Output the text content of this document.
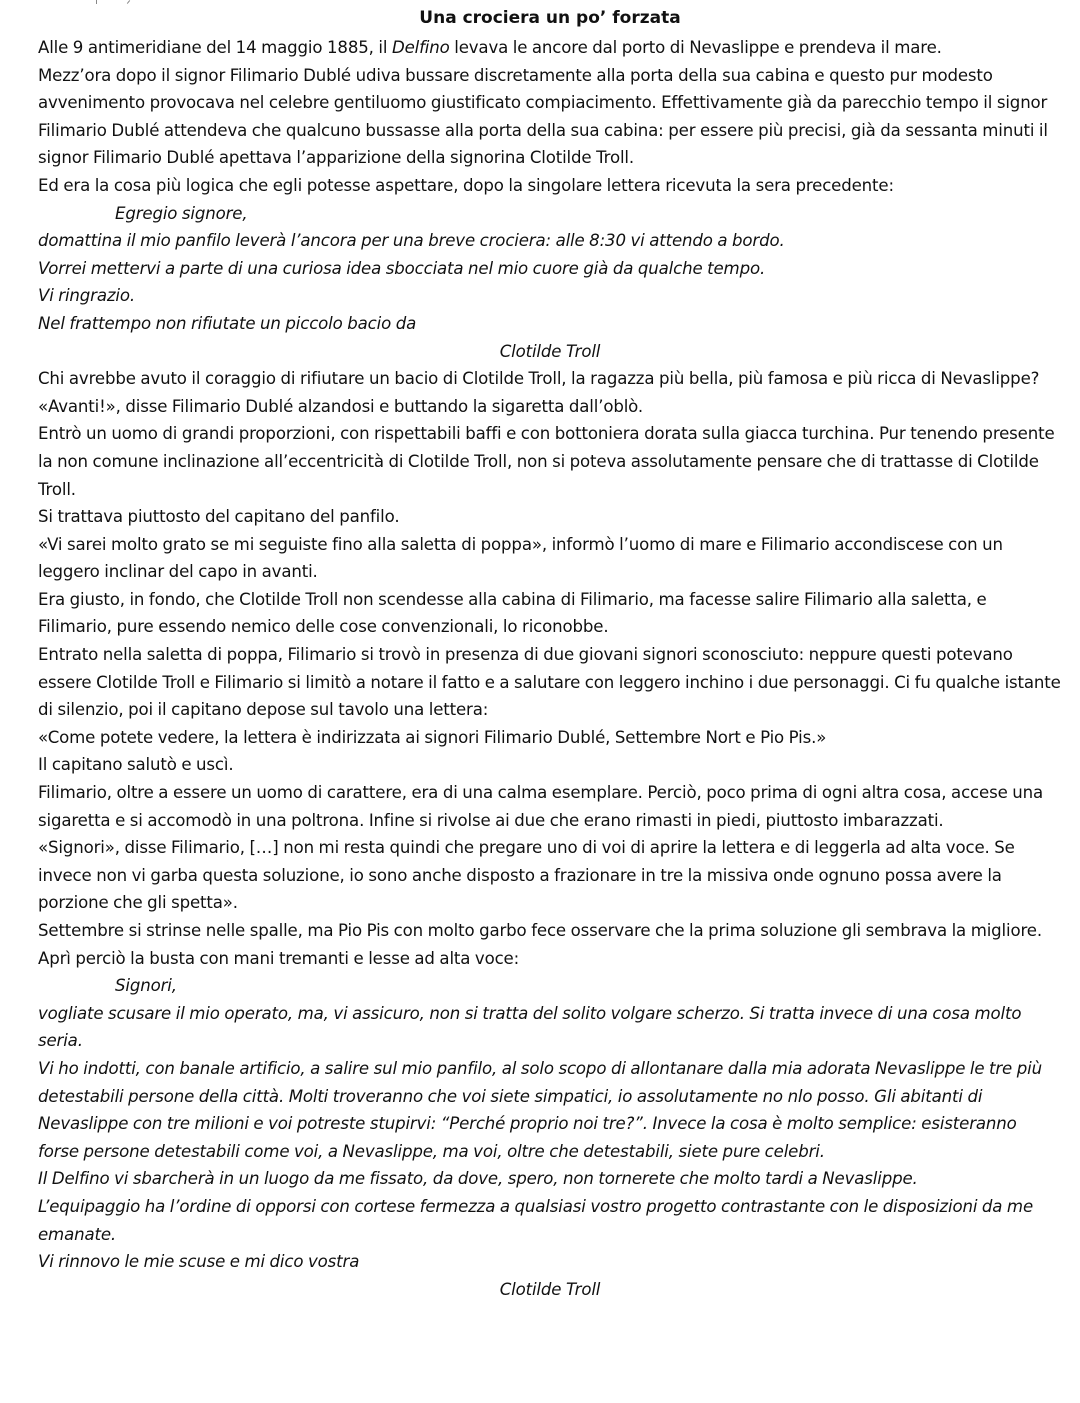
Una crociera un po’ forzata

Alle 9 antimeridiane del 14 maggio 1885, il Delfino levava le ancore dal porto di Nevaslippe e prendeva il mare.

Mezz’ora dopo il signor Filimario Dublé udiva bussare discretamente alla porta della sua cabina e questo pur modesto avvenimento provocava nel celebre gentiluomo giustificato compiacimento. Effettivamente già da parecchio tempo il signor Filimario Dublé attendeva che qualcuno bussasse alla porta della sua cabina: per essere più precisi, già da sessanta minuti il signor Filimario Dublé apettava l’apparizione della signorina Clotilde Troll.

Ed era la cosa più logica che egli potesse aspettare, dopo la singolare lettera ricevuta la sera precedente:

Egregio signore,

domattina il mio panfilo leverà l’ancora per una breve crociera: alle 8:30 vi attendo a bordo.

Vorrei mettervi a parte di una curiosa idea sbocciata nel mio cuore già da qualche tempo.

Vi ringrazio.

Nel frattempo non rifiutate un piccolo bacio da

Clotilde Troll

Chi avrebbe avuto il coraggio di rifiutare un bacio di Clotilde Troll, la ragazza più bella, più famosa e più ricca di Nevaslippe?

«Avanti!», disse Filimario Dublé alzandosi e buttando la sigaretta dall’oblò.

Entrò un uomo di grandi proporzioni, con rispettabili baffi e con bottoniera dorata sulla giacca turchina. Pur tenendo presente la non comune inclinazione all’eccentricità di Clotilde Troll, non si poteva assolutamente pensare che di trattasse di Clotilde Troll.

Si trattava piuttosto del capitano del panfilo.

«Vi sarei molto grato se mi seguiste fino alla saletta di poppa», informò l’uomo di mare e Filimario accondiscese con un leggero inclinar del capo in avanti.

Era giusto, in fondo, che Clotilde Troll non scendesse alla cabina di Filimario, ma facesse salire Filimario alla saletta, e Filimario, pure essendo nemico delle cose convenzionali, lo riconobbe.

Entrato nella saletta di poppa, Filimario si trovò in presenza di due giovani signori sconosciuto: neppure questi potevano essere Clotilde Troll e Filimario si limitò a notare il fatto e a salutare con leggero inchino i due personaggi. Ci fu qualche istante di silenzio, poi il capitano depose sul tavolo una lettera:

«Come potete vedere, la lettera è indirizzata ai signori Filimario Dublé, Settembre Nort e Pio Pis.»

Il capitano salutò e uscì.

Filimario, oltre a essere un uomo di carattere, era di una calma esemplare. Perciò, poco prima di ogni altra cosa, accese una sigaretta e si accomodò in una poltrona. Infine si rivolse ai due che erano rimasti in piedi, piuttosto imbarazzati.

«Signori», disse Filimario, […] non mi resta quindi che pregare uno di voi di aprire la lettera e di leggerla ad alta voce. Se invece non vi garba questa soluzione, io sono anche disposto a frazionare in tre la missiva onde ognuno possa avere la porzione che gli spetta».

Settembre si strinse nelle spalle, ma Pio Pis con molto garbo fece osservare che la prima soluzione gli sembrava la migliore. Aprì perciò la busta con mani tremanti e lesse ad alta voce:

Signori,

vogliate scusare il mio operato, ma, vi assicuro, non si tratta del solito volgare scherzo. Si tratta invece di una cosa molto seria.

Vi ho indotti, con banale artificio, a salire sul mio panfilo, al solo scopo di allontanare dalla mia adorata Nevaslippe le tre più detestabili persone della città. Molti troveranno che voi siete simpatici, io assolutamente no nlo posso. Gli abitanti di Nevaslippe con tre milioni e voi potreste stupirvi: “Perché proprio noi tre?”. Invece la cosa è molto semplice: esisteranno forse persone detestabili come voi, a Nevaslippe, ma voi, oltre che detestabili, siete pure celebri.

Il Delfino vi sbarcherà in un luogo da me fissato, da dove, spero, non tornerete che molto tardi a Nevaslippe.

L’equipaggio ha l’ordine di opporsi con cortese fermezza a qualsiasi vostro progetto contrastante con le disposizioni da me emanate.

Vi rinnovo le mie scuse e mi dico vostra

Clotilde Troll
